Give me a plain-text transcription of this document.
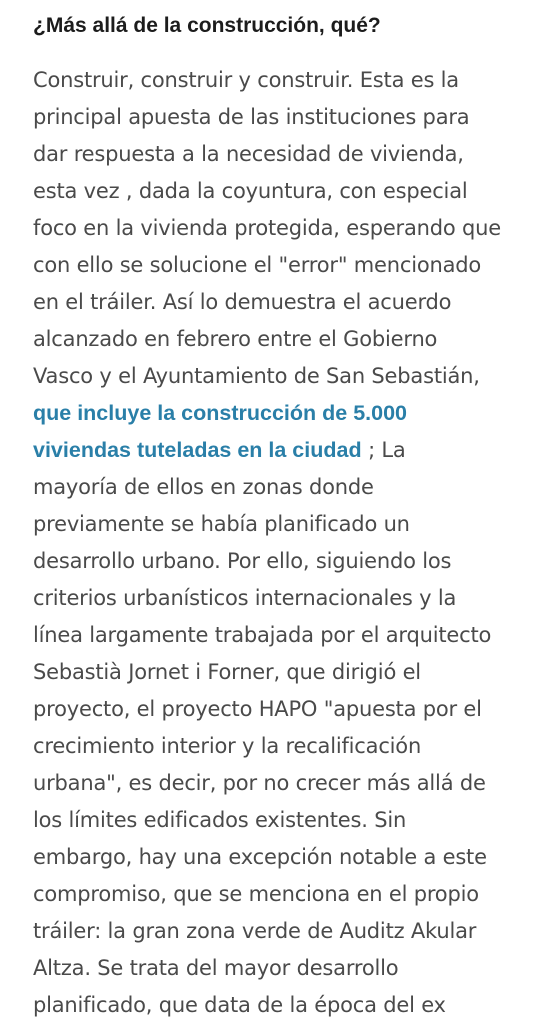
¿Más allá de la construcción, qué?
Construir, construir y construir. Esta es la
principal apuesta de las instituciones para
dar respuesta a la necesidad de vivienda,
esta vez , dada la coyuntura, con especial
foco en la vivienda protegida, esperando que
con ello se solucione el "error" mencionado
en el tráiler. Así lo demuestra el acuerdo
alcanzado en febrero entre el Gobierno
Vasco y el Ayuntamiento de San Sebastián,
que incluye la construcción de 5.000
viviendas tuteladas en la ciudad ; La
mayoría de ellos en zonas donde
previamente se había planificado un
desarrollo urbano. Por ello, siguiendo los
criterios urbanísticos internacionales y la
línea largamente trabajada por el arquitecto
Sebastià Jornet i Forner, que dirigió el
proyecto, el proyecto HAPO "apuesta por el
crecimiento interior y la recalificación
urbana", es decir, por no crecer más allá de
los límites edificados existentes. Sin
embargo, hay una excepción notable a este
compromiso, que se menciona en el propio
tráiler: la gran zona verde de Auditz Akular
Altza. Se trata del mayor desarrollo
planificado, que data de la época del ex
